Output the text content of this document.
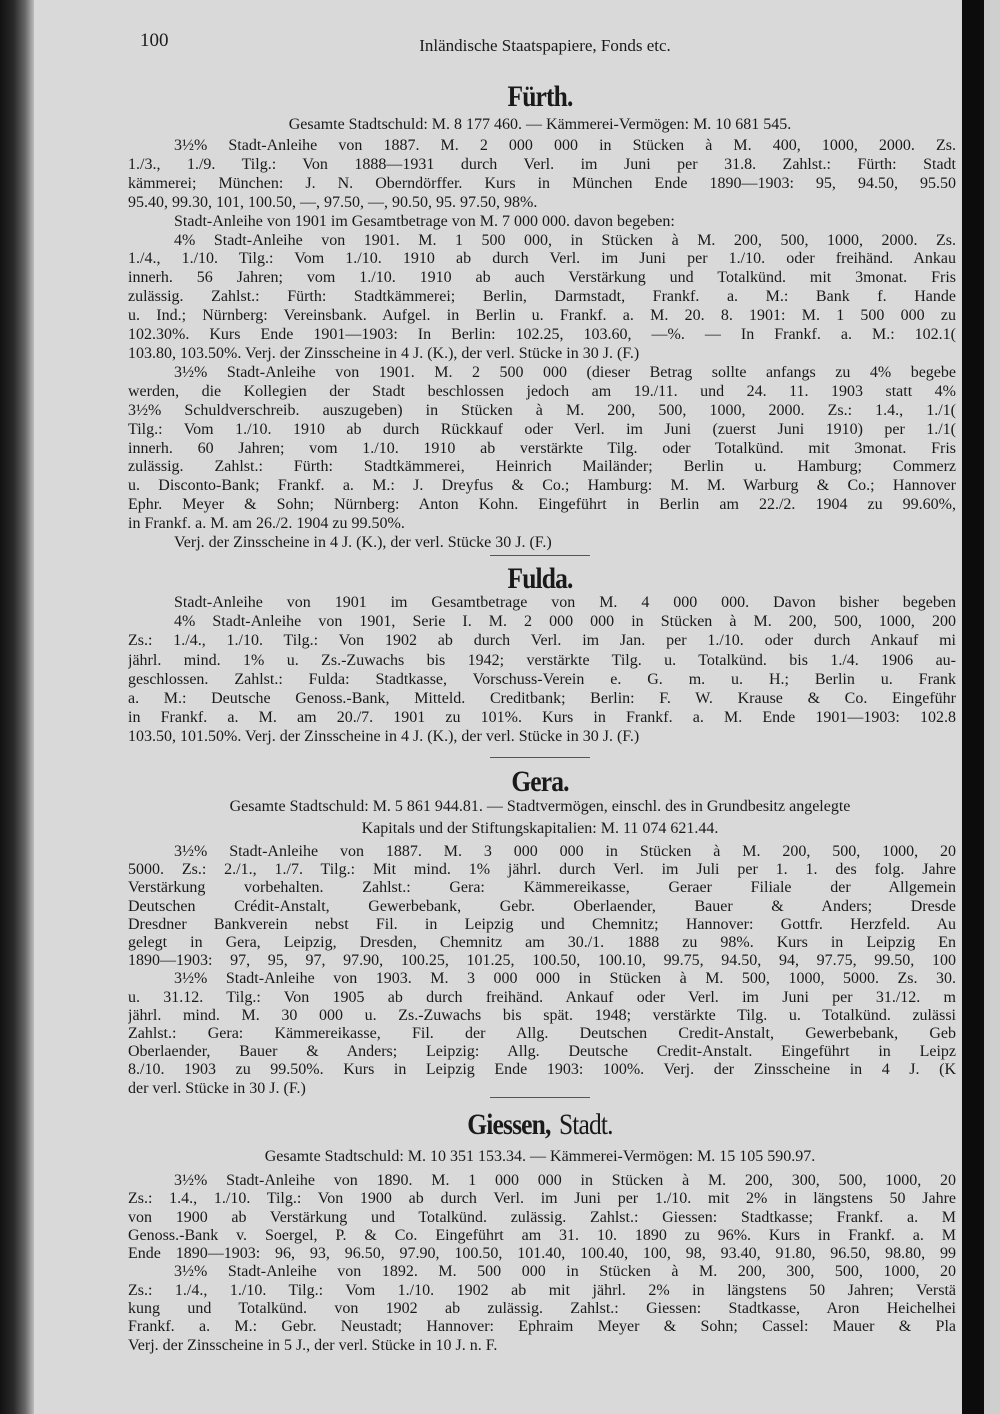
100	Inländische Staatspapiere, Fonds etc.
Fürth.
Gesamte Stadtschuld: M. 8 177 460. — Kämmerei-Vermögen: M. 10 681 545.
3½% Stadt-Anleihe von 1887. M. 2 000 000 in Stücken à M. 400, 1000, 2000. Zs.
1./3., 1./9. Tilg.: Von 1888—1931 durch Verl. im Juni per 31.8. Zahlst.: Fürth: Stadt
kämmerei; München: J. N. Oberndörffer. Kurs in München Ende 1890—1903: 95, 94.50, 95.50
95.40, 99.30, 101, 100.50, —, 97.50, —, 90.50, 95. 97.50, 98%.
Stadt-Anleihe von 1901 im Gesamtbetrage von M. 7 000 000. davon begeben:
4% Stadt-Anleihe von 1901. M. 1 500 000, in Stücken à M. 200, 500, 1000, 2000. Zs.
1./4., 1./10. Tilg.: Vom 1./10. 1910 ab durch Verl. im Juni per 1./10. oder freihänd. Ankau
innerh. 56 Jahren; vom 1./10. 1910 ab auch Verstärkung und Totalkünd. mit 3monat. Fris
zulässig. Zahlst.: Fürth: Stadtkämmerei; Berlin, Darmstadt, Frankf. a. M.: Bank f. Hande
u. Ind.; Nürnberg: Vereinsbank. Aufgel. in Berlin u. Frankf. a. M. 20. 8. 1901: M. 1 500 000 zu
102.30%. Kurs Ende 1901—1903: In Berlin: 102.25, 103.60, —%. — In Frankf. a. M.: 102.1(
103.80, 103.50%. Verj. der Zinsscheine in 4 J. (K.), der verl. Stücke in 30 J. (F.)
3½% Stadt-Anleihe von 1901. M. 2 500 000 (dieser Betrag sollte anfangs zu 4% begebe
werden, die Kollegien der Stadt beschlossen jedoch am 19./11. und 24. 11. 1903 statt 4%
3½% Schuldverschreib. auszugeben) in Stücken à M. 200, 500, 1000, 2000. Zs.: 1.4., 1./1(
Tilg.: Vom 1./10. 1910 ab durch Rückkauf oder Verl. im Juni (zuerst Juni 1910) per 1./1(
innerh. 60 Jahren; vom 1./10. 1910 ab verstärkte Tilg. oder Totalkünd. mit 3monat. Fris
zulässig. Zahlst.: Fürth: Stadtkämmerei, Heinrich Mailänder; Berlin u. Hamburg; Commerz
u. Disconto-Bank; Frankf. a. M.: J. Dreyfus & Co.; Hamburg: M. M. Warburg & Co.; Hannover
Ephr. Meyer & Sohn; Nürnberg: Anton Kohn. Eingeführt in Berlin am 22./2. 1904 zu 99.60%,
in Frankf. a. M. am 26./2. 1904 zu 99.50%.
Verj. der Zinsscheine in 4 J. (K.), der verl. Stücke 30 J. (F.)
Fulda.
Stadt-Anleihe von 1901 im Gesamtbetrage von M. 4 000 000. Davon bisher begeben
4% Stadt-Anleihe von 1901, Serie I. M. 2 000 000 in Stücken à M. 200, 500, 1000, 200
Zs.: 1./4., 1./10. Tilg.: Von 1902 ab durch Verl. im Jan. per 1./10. oder durch Ankauf mi
jährl. mind. 1% u. Zs.-Zuwachs bis 1942; verstärkte Tilg. u. Totalkünd. bis 1./4. 1906 au-
geschlossen. Zahlst.: Fulda: Stadtkasse, Vorschuss-Verein e. G. m. u. H.; Berlin u. Frank
a. M.: Deutsche Genoss.-Bank, Mitteld. Creditbank; Berlin: F. W. Krause & Co. Eingeführ
in Frankf. a. M. am 20./7. 1901 zu 101%. Kurs in Frankf. a. M. Ende 1901—1903: 102.8
103.50, 101.50%. Verj. der Zinsscheine in 4 J. (K.), der verl. Stücke in 30 J. (F.)
Gera.
Gesamte Stadtschuld: M. 5 861 944.81. — Stadtvermögen, einschl. des in Grundbesitz angelegte
Kapitals und der Stiftungskapitalien: M. 11 074 621.44.
3½% Stadt-Anleihe von 1887. M. 3 000 000 in Stücken à M. 200, 500, 1000, 20
5000. Zs.: 2./1., 1./7. Tilg.: Mit mind. 1% jährl. durch Verl. im Juli per 1. 1. des folg. Jahre
Verstärkung vorbehalten. Zahlst.: Gera: Kämmereikasse, Geraer Filiale der Allgemein
Deutschen Crédit-Anstalt, Gewerbebank, Gebr. Oberlaender, Bauer & Anders; Dresde
Dresdner Bankverein nebst Fil. in Leipzig und Chemnitz; Hannover: Gottfr. Herzfeld. Au
gelegt in Gera, Leipzig, Dresden, Chemnitz am 30./1. 1888 zu 98%. Kurs in Leipzig En
1890—1903: 97, 95, 97, 97.90, 100.25, 101.25, 100.50, 100.10, 99.75, 94.50, 94, 97.75, 99.50, 100
3½% Stadt-Anleihe von 1903. M. 3 000 000 in Stücken à M. 500, 1000, 5000. Zs. 30.
u. 31.12. Tilg.: Von 1905 ab durch freihänd. Ankauf oder Verl. im Juni per 31./12. m
jährl. mind. M. 30 000 u. Zs.-Zuwachs bis spät. 1948; verstärkte Tilg. u. Totalkünd. zulässi
Zahlst.: Gera: Kämmereikasse, Fil. der Allg. Deutschen Credit-Anstalt, Gewerbebank, Geb
Oberlaender, Bauer & Anders; Leipzig: Allg. Deutsche Credit-Anstalt. Eingeführt in Leipz
8./10. 1903 zu 99.50%. Kurs in Leipzig Ende 1903: 100%. Verj. der Zinsscheine in 4 J. (K
der verl. Stücke in 30 J. (F.)
Giessen, Stadt.
Gesamte Stadtschuld: M. 10 351 153.34. — Kämmerei-Vermögen: M. 15 105 590.97.
3½% Stadt-Anleihe von 1890. M. 1 000 000 in Stücken à M. 200, 300, 500, 1000, 20
Zs.: 1.4., 1./10. Tilg.: Von 1900 ab durch Verl. im Juni per 1./10. mit 2% in längstens 50 Jahre
von 1900 ab Verstärkung und Totalkünd. zulässig. Zahlst.: Giessen: Stadtkasse; Frankf. a. M
Genoss.-Bank v. Soergel, P. & Co. Eingeführt am 31. 10. 1890 zu 96%. Kurs in Frankf. a. M
Ende 1890—1903: 96, 93, 96.50, 97.90, 100.50, 101.40, 100.40, 100, 98, 93.40, 91.80, 96.50, 98.80, 99
3½% Stadt-Anleihe von 1892. M. 500 000 in Stücken à M. 200, 300, 500, 1000, 20
Zs.: 1./4., 1./10. Tilg.: Vom 1./10. 1902 ab mit jährl. 2% in längstens 50 Jahren; Verstä
kung und Totalkünd. von 1902 ab zulässig. Zahlst.: Giessen: Stadtkasse, Aron Heichelhei
Frankf. a. M.: Gebr. Neustadt; Hannover: Ephraim Meyer & Sohn; Cassel: Mauer & Pla
Verj. der Zinsscheine in 5 J., der verl. Stücke in 10 J. n. F.
